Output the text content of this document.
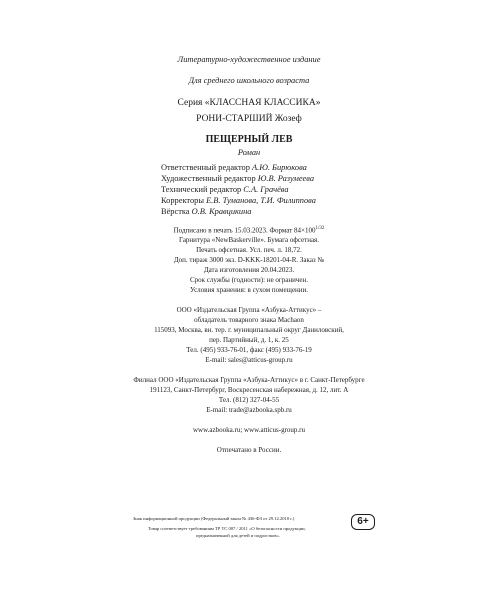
Литературно-художественное издание
Для среднего школьного возраста
Серия «КЛАССНАЯ КЛАССИКА»
РОНИ-СТАРШИЙ Жозеф
ПЕЩЕРНЫЙ ЛЕВ
Роман
Ответственный редактор А.Ю. Бирюкова
Художественный редактор Ю.В. Разумеева
Технический редактор С.А. Грачёва
Корректоры Е.В. Туманова, Т.И. Филиппова
Вёрстка О.В. Кравцикина
Подписано в печать 15.03.2023. Формат $84\times 100^{1/32}$
Гарнитура «NewBaskerville». Бумага офсетная.
Печать офсетная. Усл. печ. л. 18,72.
Доп. тираж 3000 экз. D-KKK-18201-04-R. Заказ №
Дата изготовления 20.04.2023.
Срок службы (годности): не ограничен.
Условия хранения: в сухом помещении.
ООО «Издательская Группа «Азбука-Аттикус» –
обладатель товарного знака Machaon
115093, Москва, вн. тер. г. муниципальный округ Даниловский,
пер. Партийный, д. 1, к. 25
Тел. (495) 933-76-01, факс (495) 933-76-19
E-mail: sales@atticus-group.ru
Филиал ООО «Издательская Группа «Азбука-Аттикус» в г. Санкт-Петербурге
191123, Санкт-Петербург, Воскресенская набережная, д. 12, лит. А
Тел. (812) 327-04-55
E-mail: trade@azbooka.spb.ru
www.azbooka.ru; www.atticus-group.ru
Отпечатано в России.
Знак информационной продукции (Федеральный закон № 436-ФЗ от 29.12.2010 г.)
Товар соответствует требованиям ТР ТС 007 / 2011 «О безопасности продукции,
предназначенной для детей и подростков».
6+
